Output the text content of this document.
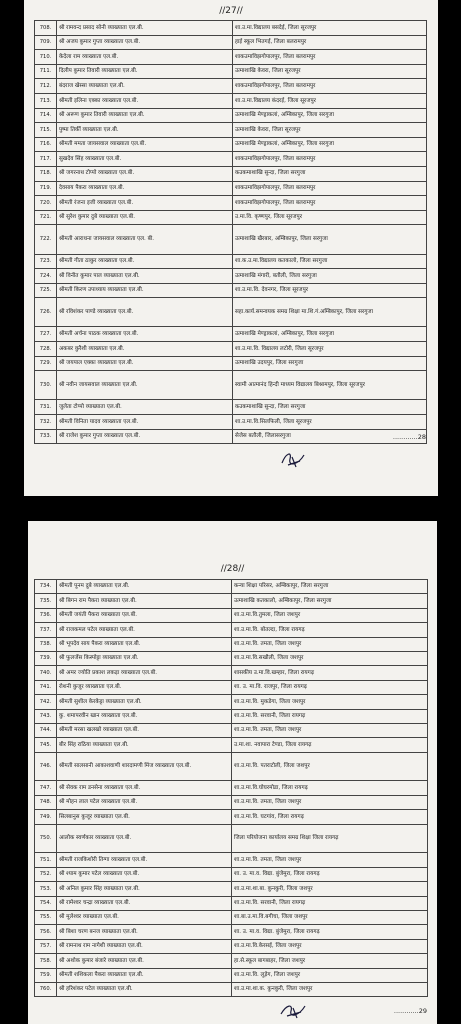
//27//
708.	श्री रामवन्द प्रसाद सोनी व्याख्याता एल.बी.	शा.उ.मा.विद्यालय बसदेई, जिला सूरजपुर
709.	श्री अजय कुमार गुप्ता व्याख्याता एल.बी.	हाई स्कूल भितगई, जिला बलरामपुर
710.	केदेला राम व्याख्याता एल.बी.	शाकउमाविझगोपालपुर, जिला बलरामपुर
711.	दिलीप कुमार तिवारी व्याख्याता एल.बी.	उत्माशाखि केवरा, जिला सूरजपुर
712.	बंदराज खेस्सा व्याख्याता एल.बी.	शाकउमाविझगोपालपुर, जिला बलरामपुर
713.	श्रीमती इलिना एक्का व्याख्याता एल.बी.	शा.उ.मा.विद्यालय कंदरई, जिला सूरजपुर
714.	श्री अरूण कुमार तिवारी व्याख्याता एल.बी.	उत्माशाखि मेण्ड्राकलां, अम्बिकापुर, जिला सरगुजा
715.	पुष्पा तिर्की व्याख्याता एल.बी.	उत्माशाखि केवरा, जिला सूरजपुर
716.	श्रीमती ममता जायसवाल व्याख्याता एल.बी.	उत्माशाखि मेण्ड्राकलां, अम्बिकापुर, जिला सरगुजा
717.	सुखदेव सिंह व्याख्याता एल.बी.	शाकउमाविझगोपालपुर, जिला बलरामपुर
718.	श्री जगरनाथ टोप्पो व्याख्याता एल.बी.	कउकमाशाखि सुन्दा, जिला सरगुजा
719.	देवसाय पैकरा व्याख्याता एल.बी.	शाकउमाविझगोपालपुर, जिला बलरामपुर
720.	श्रीमती रंजना इजी व्याख्याता एल.बी.	शाकउमाविझगोपालपुर, जिला बलरामपुर
721.	श्री सुरेश कुमार दुबे व्याख्याता एल.बी.	उ.मा.वि. कृष्णपुर, जिला सूरजपुर
722.	श्रीमती आराधना जायसवाल व्याख्याता एल. बी.	उत्माशाखि खैरबार, अम्बिकापुर, जिला सरगुजा
723.	श्रीमती गीता ठाकुर व्याख्याता एल.बी.	शा.क.उ.मा.विद्यालय कतकालो, जिला सरगुजा
724.	श्री विनीत कुमार पाल व्याख्याता एल.बी.	उत्माशाखि मंगारी, बतौली, जिला सरगुजा
725.	श्रीमती किरण उपाध्याय व्याख्याता एल.बी.	शा.उ.मा.वि. देवनगर, जिला सूरजपुर
726.	श्री रविशंकर पाण्डे व्याख्याता एल.बी.	सहा.कार्य.समन्वयक समग्र शिक्षा मा.शि.गं.अम्बिकापुर, जिला सरगुजा
727.	श्रीमती अर्चना पाठक व्याख्याता एल.बी.	उत्माशाखि मेण्ड्राकलां, अम्बिकापुर, जिला सरगुजा
728.	अकबर कुरैशी व्याख्याता एल.बी.	शा.उ.मा.वि. विद्यालय लटोरी, जिला सूरजपुर
729.	श्री जयपाल एक्का व्याख्याता एल.बी.	उत्माशाखि उदयपुर, जिला सरगुजा
730.	श्री नवीन जायसवाल व्याख्याता एल.बी.	स्वामी आत्मानंद हिन्दी माध्यम विद्यालय बिश्रामपुर, जिला सूरजपुर
731.	जुलेता टोप्पो व्याख्याता एल.बी.	कउकमाशाखि सुन्दा, जिला सरगुजा
732.	श्रीमती विनिता यादव व्याख्याता एल.बी.	शा.उ.मा.वि.सिलफिली, जिला सूरजपुर
733.	श्री राजेश कुमार गुप्ता व्याख्याता एल.बी.	सेजेस बतौली, जिलासरगुजा	............28
//28//
734.	श्रीमती पूनम दुबे व्याख्याता एल.बी.	कन्या शिक्षा परिसर, अम्बिकापुर, जिला सरगुजा
735.	श्री बिगन राम पैकरा व्याख्याता एल.बी.	उत्माशाखि कतकालो, अम्बिकापुर, जिला सरगुजा
736.	श्रीमती जयंती पैकरा व्याख्याता एल.बी.	शा.उ.मा.वि.तुमला, जिला जशपुर
737.	श्री राजकमल पटेल व्याख्याता एल.बी.	शा.उ.मा.वि. बोतल्दा, जिला रायगढ़
738.	श्री भूपदेव साय पैकरा व्याख्याता एल.बी.	शा.उ.मा.वि. तमता, जिला जशपुर
739.	श्री फुलजेंस किस्पोट्टा व्याख्याता एल.बी.	शा.उ.मा.वि.सखौली, जिला जशपुर
740.	श्री अमर ज्योति प्रकाश लकड़ा व्याख्याता एल.बी.	शासकीय उ.मा.वि.खम्हार, जिला रायगढ़
741.	रोशनी कुजूर व्याख्याता एल.बी.	शा. उ. मा.वि. राजपुर, जिला रायगढ़
742.	श्रीमती सुशील केरकेट्टा व्याख्याता एल.बी.	शा.उ.मा.वि. मुकडेगा, जिला जशपुर
743.	कु. शमापरवीन खान व्याख्याता एल.बी.	शा.उ.मा.वि. सरवानी, जिला रायगढ़
744.	श्रीमती मरसा खलखो व्याख्याता एल.बी.	शा.उ.मा.वि. तमता, जिला जशपुर
745.	बीर सिंह राठिया व्याख्याता एल.बी.	उ.मा.शा. नवापारा टेण्डा, जिला रायगढ़
746.	श्रीमती सालसानी आकाशवाणी शारदामणी मिंज व्याख्याता एल.बी.	शा.उ.मा.वि. पतराटोली, जिला जशपुर
747.	श्री सेवक राम डनसेना व्याख्याता एल.बी.	शा.उ.मा.वि.घोघरमोडा, जिला रायगढ़
748.	श्री मोहन लाल पटेल व्याख्याता एल.बी.	शा.उ.मा.वि. तमता, जिला जशपुर
749.	सिलबानुस कुजूर व्याख्याता एल.बी.	शा.उ.मा.वि. घटगांव, जिला रायगढ़
750.	आलोक स्वर्णकार व्याख्याता एल.बी.	जिला परियोजना कार्यालय समग्र शिक्षा जिला रायगढ़
751.	श्रीमती राजकिशोरी तिग्गा व्याख्याता एल.बी.	शा.उ.मा.वि. तमता, जिला जशपुर
752.	श्री श्याम कुमार पटेल व्याख्याता एल.बी.	शा. उ. मा.व. विद्या. बुंजेमुरा, जिला रायगढ़
753.	श्री अनिल कुमार सिंह व्याख्याता एल.बी.	शा.उ.मा.शा.बा. कुनकुरी, जिला जशपुर
754.	श्री रामेश्वर चन्द्रा व्याख्याता एल.बी.	शा.उ.मा.वि. सरवानी, जिला रायगढ़
755.	श्री मूलेश्वर व्याख्याता एल.बी.	शा.बा.उ.मा.वि.बगीचा, जिला जशपुर
756.	श्री बिशा चरण बनज व्याख्याता एल.बी.	शा. उ. मा.व. विद्या. बुंजेमुरा, जिला रायगढ़
757.	श्री रामनाथ राम नागेशी व्याख्याता एल.बी.	शा.उ.मा.वि.केरसई, जिला जशपुर
758.	श्री अशोक कुमार बंजारे व्याख्याता एल.बी.	हा.से.स्कूल बागबाहर, जिला जशपुर
759.	श्रीमती शशिकला पैकरा व्याख्याता एल.बी.	शा.उ.मा.वि. लुड़ेग, जिला जशपुर
760.	श्री हरिशंकर पटेल व्याख्याता एल.बी.	शा.उ.मा.शा.क. कुनकुरी, जिला जशपुर
............29
